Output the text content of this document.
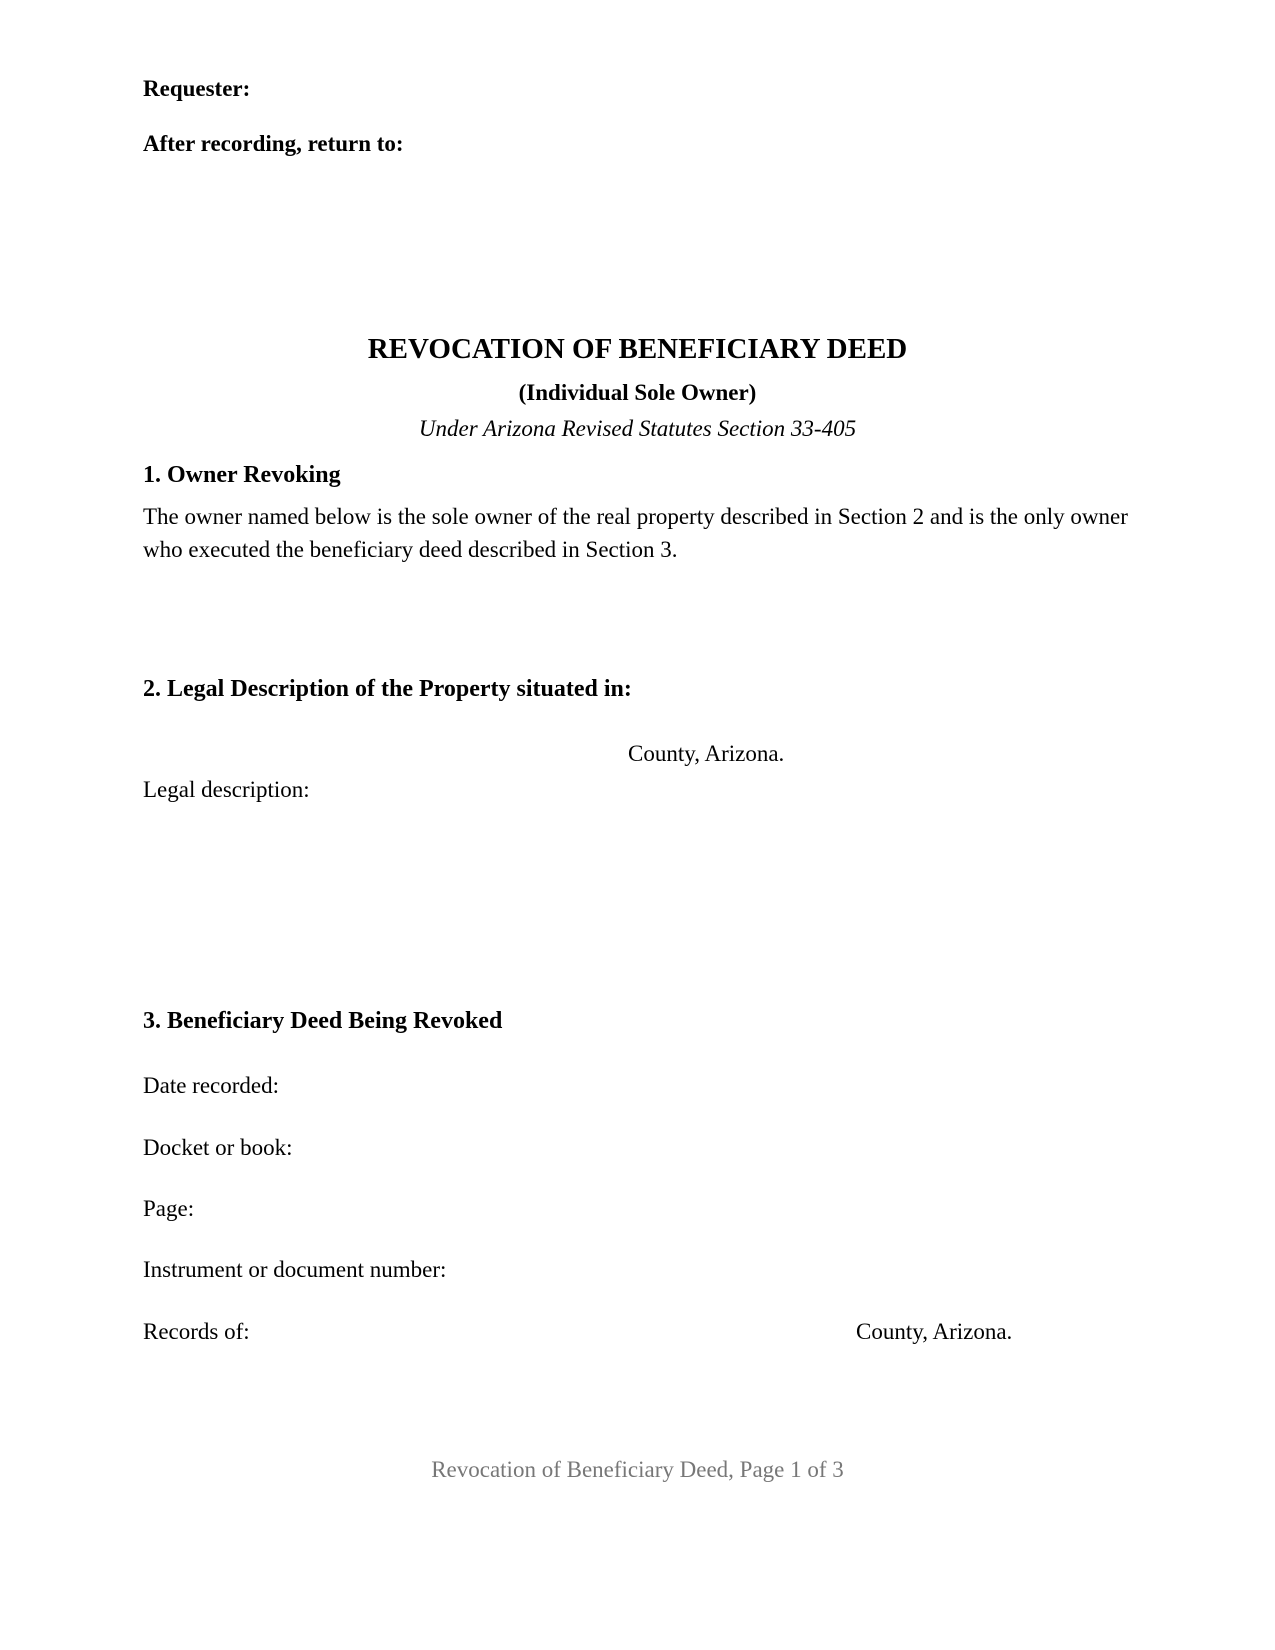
Requester:

After recording, return to:

REVOCATION OF BENEFICIARY DEED
(Individual Sole Owner)

Under Arizona Revised Statutes Section 33-405

1. Owner Revoking

The owner named below is the sole owner of the real property described in Section 2 and is the only owner who executed the beneficiary deed described in Section 3.

2. Legal Description of the Property situated in:

County, Arizona.

Legal description:

3. Beneficiary Deed Being Revoked

Date recorded:

Docket or book:

Page:

Instrument or document number:

Records of:	County, Arizona.

Revocation of Beneficiary Deed, Page 1 of 3
